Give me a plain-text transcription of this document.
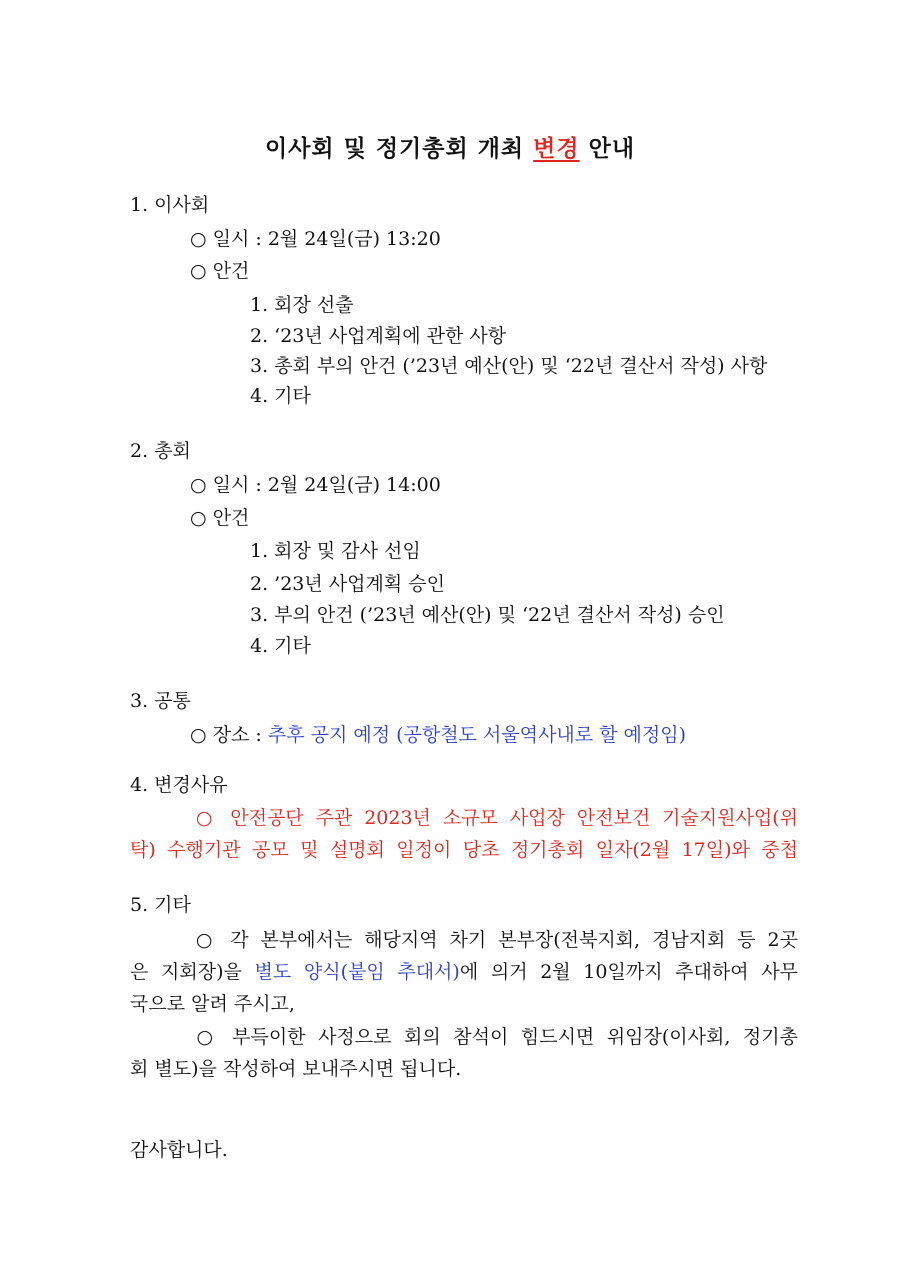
이사회 및 정기총회 개최 변경 안내
1. 이사회
○ 일시 : 2월 24일(금) 13:20
○ 안건
1. 회장 선출
2. ‘23년 사업계획에 관한 사항
3. 총회 부의 안건 (’23년 예산(안) 및 ‘22년 결산서 작성) 사항
4. 기타
2. 총회
○ 일시 : 2월 24일(금) 14:00
○ 안건
1. 회장 및 감사 선임
2. ’23년 사업계획 승인
3. 부의 안건 (’23년 예산(안) 및 ‘22년 결산서 작성) 승인
4. 기타
3. 공통
○ 장소 : 추후 공지 예정 (공항철도 서울역사내로 할 예정임)
4. 변경사유
○ 안전공단 주관 2023년 소규모 사업장 안전보건 기술지원사업(위
탁) 수행기관 공모 및 설명회 일정이 당초 정기총회 일자(2월 17일)와 중첩
5. 기타
○ 각 본부에서는 해당지역 차기 본부장(전북지회, 경남지회 등 2곳
은 지회장)을 별도 양식(붙임 추대서)에 의거 2월 10일까지 추대하여 사무
국으로 알려 주시고,
○ 부득이한 사정으로 회의 참석이 힘드시면 위임장(이사회, 정기총
회 별도)을 작성하여 보내주시면 됩니다.
감사합니다.
